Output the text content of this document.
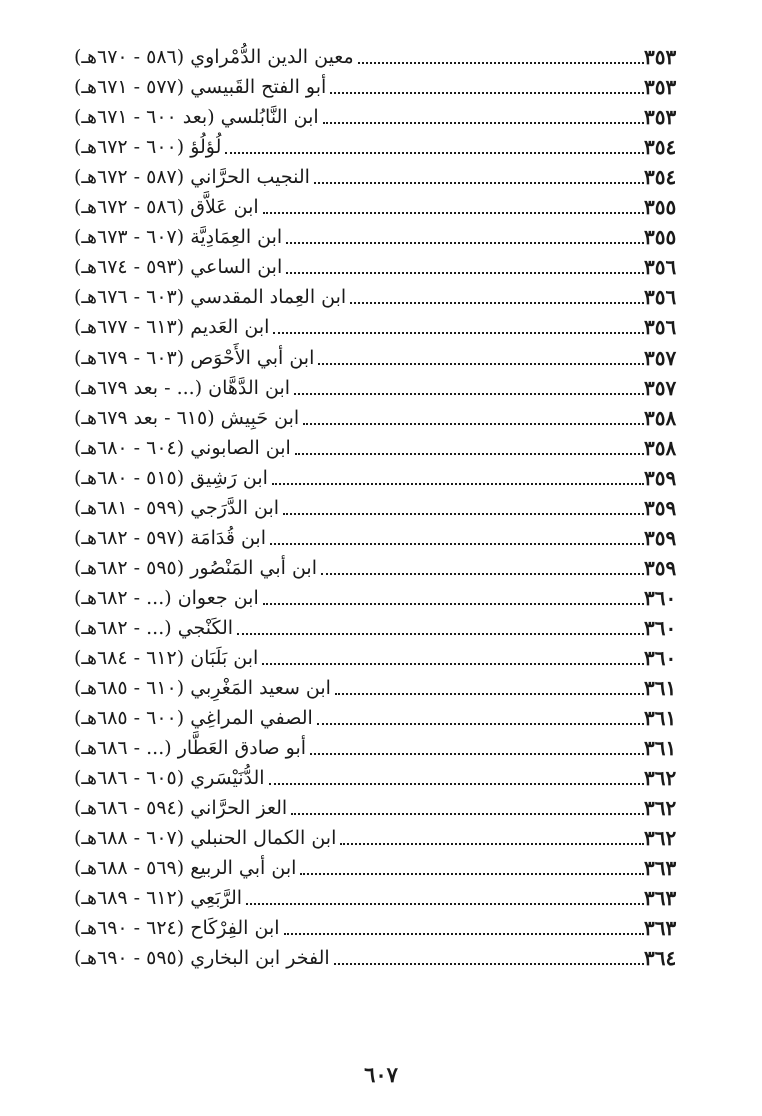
معين الدين الدُّمْراوي (٥٨٦ - ٦٧٠هـ)	٣٥٣
أبو الفتح القَبيسي (٥٧٧ - ٦٧١هـ)	٣٥٣
ابن النَّابُلسي (بعد ٦٠٠ - ٦٧١هـ)	٣٥٣
لُؤلُؤ (٦٠٠ - ٦٧٢هـ)	٣٥٤
النجيب الحرَّاني (٥٨٧ - ٦٧٢هـ)	٣٥٤
ابن عَلاَّق (٥٨٦ - ٦٧٢هـ)	٣٥٥
ابن العِمَادِيَّة (٦٠٧ - ٦٧٣هـ)	٣٥٥
ابن الساعي (٥٩٣ - ٦٧٤هـ)	٣٥٦
ابن العِماد المقدسي (٦٠٣ - ٦٧٦هـ)	٣٥٦
ابن العَديم (٦١٣ - ٦٧٧هـ)	٣٥٦
ابن أبي الأَحْوَص (٦٠٣ - ٦٧٩هـ)	٣٥٧
ابن الدَّهَّان (... - بعد ٦٧٩هـ)	٣٥٧
ابن حَبِيش (٦١٥ - بعد ٦٧٩هـ)	٣٥٨
ابن الصابوني (٦٠٤ - ٦٨٠هـ)	٣٥٨
ابن رَشِيق (٥١٥ - ٦٨٠هـ)	٣٥٩
ابن الدَّرَجي (٥٩٩ - ٦٨١هـ)	٣٥٩
ابن قُدَامَة (٥٩٧ - ٦٨٢هـ)	٣٥٩
ابن أبي المَنْصُور (٥٩٥ - ٦٨٢هـ)	٣٥٩
ابن جعوان (... - ٦٨٢هـ)	٣٦٠
الكَنْجي (... - ٦٨٢هـ)	٣٦٠
ابن بَلَبَان (٦١٢ - ٦٨٤هـ)	٣٦٠
ابن سعيد المَغْرِبي (٦١٠ - ٦٨٥هـ)	٣٦١
الصفي المراغِي (٦٠٠ - ٦٨٥هـ)	٣٦١
أبو صادق العَطَّار (... - ٦٨٦هـ)	٣٦١
الدُّنَيْسَري (٦٠٥ - ٦٨٦هـ)	٣٦٢
العز الحرَّاني (٥٩٤ - ٦٨٦هـ)	٣٦٢
ابن الكمال الحنبلي (٦٠٧ - ٦٨٨هـ)	٣٦٢
ابن أبي الربيع (٥٦٩ - ٦٨٨هـ)	٣٦٣
الرَّبَعِي (٦١٢ - ٦٨٩هـ)	٣٦٣
ابن الفِرْكَاح (٦٢٤ - ٦٩٠هـ)	٣٦٣
الفخر ابن البخاري (٥٩٥ - ٦٩٠هـ)	٣٦٤
٦٠٧
